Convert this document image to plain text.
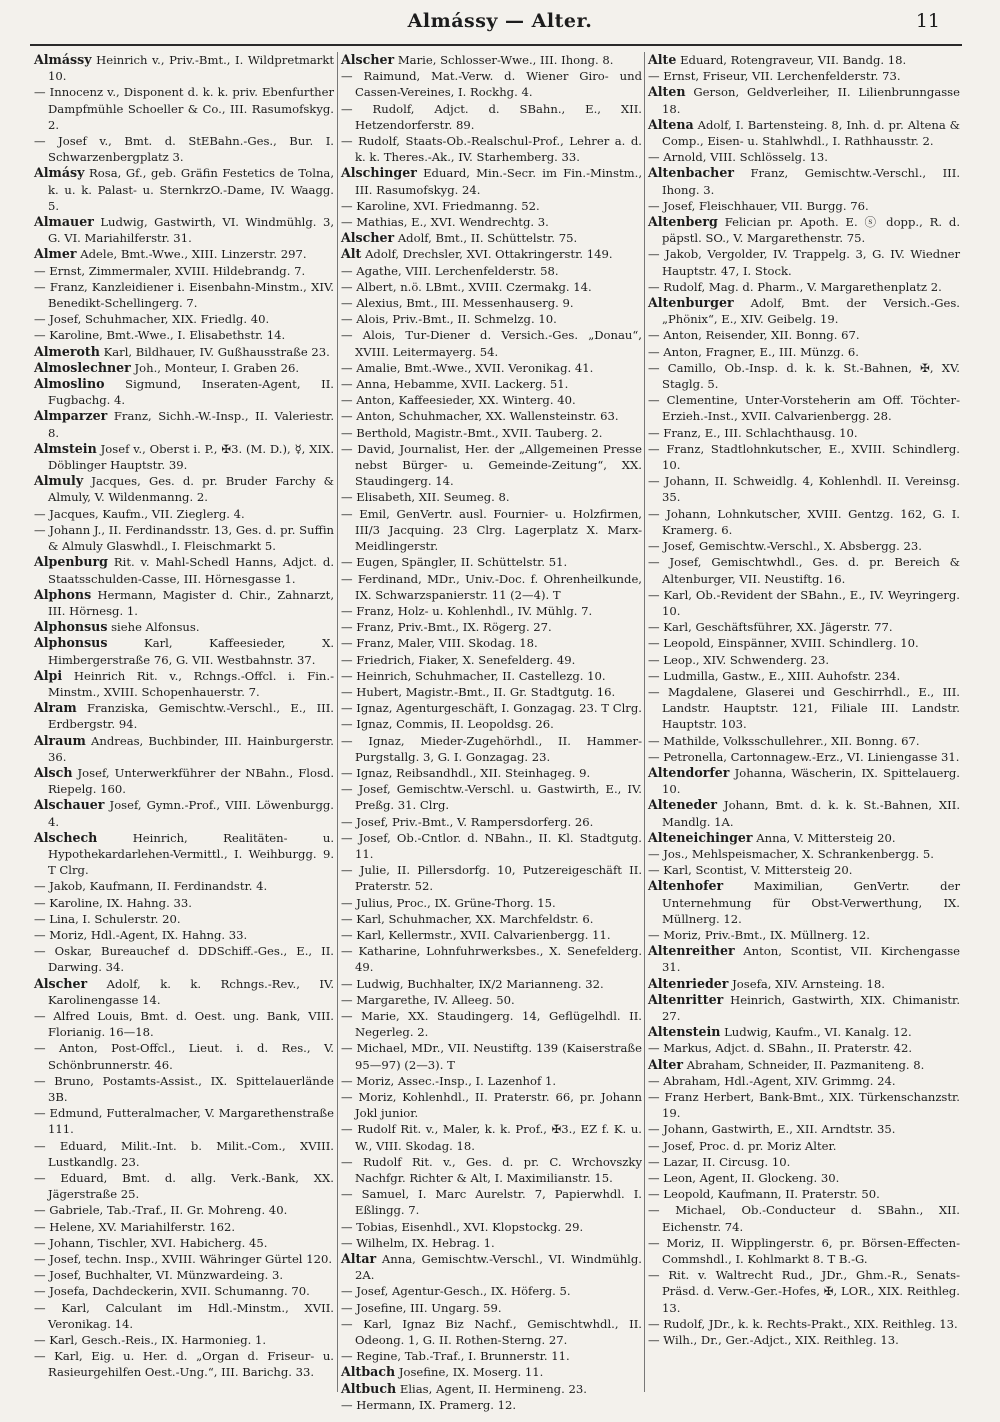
Almássy — Alter.	11

Almássy Heinrich v., Priv.-Bmt., I. Wildpretmarkt 10.

— Innocenz v., Disponent d. k. k. priv. Ebenfurther Dampfmühle Schoeller & Co., III. Rasumofskyg. 2.

— Josef v., Bmt. d. StEBahn.-Ges., Bur. I. Schwarzenbergplatz 3.

Almásy Rosa, Gf., geb. Gräfin Festetics de Tolna, k. u. k. Palast- u. SternkrzO.-Dame, IV. Waagg. 5.

Almauer Ludwig, Gastwirth, VI. Windmühlg. 3, G. VI. Mariahilferstr. 31.

Almer Adele, Bmt.-Wwe., XIII. Linzerstr. 297.

— Ernst, Zimmermaler, XVIII. Hildebrandg. 7.

— Franz, Kanzleidiener i. Eisenbahn-Minstm., XIV. Benedikt-Schellingerg. 7.

— Josef, Schuhmacher, XIX. Friedlg. 40.

— Karoline, Bmt.-Wwe., I. Elisabethstr. 14.

Almeroth Karl, Bildhauer, IV. Gußhausstraße 23.

Almoslechner Joh., Monteur, I. Graben 26.

Almoslino Sigmund, Inseraten-Agent, II. Fugbachg. 4.

Almparzer Franz, Sichh.-W.-Insp., II. Valeriestr. 8.

Almstein Josef v., Oberst i. P., ✠3. (M. D.), ☿, XIX. Döblinger Hauptstr. 39.

Almuly Jacques, Ges. d. pr. Bruder Farchy & Almuly, V. Wildenmanng. 2.

— Jacques, Kaufm., VII. Zieglerg. 4.

— Johann J., II. Ferdinandsstr. 13, Ges. d. pr. Suffin & Almuly Glaswhdl., I. Fleischmarkt 5.

Alpenburg Rit. v. Mahl-Schedl Hanns, Adjct. d. Staatsschulden-Casse, III. Hörnesgasse 1.

Alphons Hermann, Magister d. Chir., Zahnarzt, III. Hörnesg. 1.

Alphonsus siehe Alfonsus.

Alphonsus	Karl, Kaffeesieder, X. Himbergerstraße 76, G. VII. Westbahnstr. 37.

Alpi Heinrich Rit. v., Rchngs.-Offcl. i. Fin.-Minstm., XVIII. Schopenhauerstr. 7.

Alram Franziska, Gemischtw.-Verschl., E., III. Erdbergstr. 94.

Alraum Andreas, Buchbinder, III. Hainburgerstr. 36.

Alsch Josef, Unterwerkführer der NBahn., Flosd. Riepelg. 160.

Alschauer Josef, Gymn.-Prof., VIII. Löwenburgg. 4.

Alschech	Heinrich, Realitäten- u. Hypothekardarlehen-Vermittl., I. Weihburgg. 9. T Clrg.

— Jakob, Kaufmann, II. Ferdinandstr. 4.

— Karoline, IX. Hahng. 33.

— Lina, I. Schulerstr. 20.

— Moriz, Hdl.-Agent, IX. Hahng. 33.

— Oskar, Bureauchef d. DDSchiff.-Ges., E., II. Darwing. 34.

Alscher Adolf, k. k. Rchngs.-Rev., IV. Karolinengasse 14.

— Alfred Louis, Bmt. d. Oest. ung. Bank, VIII. Florianig. 16—18.

— Anton, Post-Offcl., Lieut. i. d. Res., V. Schönbrunnerstr. 46.

— Bruno, Postamts-Assist., IX. Spittelauerlände 3B.

— Edmund, Futteralmacher, V. Margarethenstraße 111.

— Eduard, Milit.-Int. b. Milit.-Com., XVIII. Lustkandlg. 23.

— Eduard, Bmt. d. allg. Verk.-Bank, XX. Jägerstraße 25.

— Gabriele, Tab.-Traf., II. Gr. Mohreng. 40.

— Helene, XV. Mariahilferstr. 162.

— Johann, Tischler, XVI. Habicherg. 45.

— Josef, techn. Insp., XVIII. Währinger Gürtel 120.

— Josef, Buchhalter, VI. Münzwardeing. 3.

— Josefa, Dachdeckerin, XVII. Schumanng. 70.

— Karl, Calculant im Hdl.-Minstm., XVII. Veronikag. 14.

— Karl, Gesch.-Reis., IX. Harmonieg. 1.

— Karl, Eig. u. Her. d. „Organ d. Friseur- u. Rasieurgehilfen Oest.-Ung.“, III. Barichg. 33.

Alscher Marie, Schlosser-Wwe., III. Ihong. 8.

— Raimund, Mat.-Verw. d. Wiener Giro- und Cassen-Vereines, I. Rockhg. 4.

— Rudolf, Adjct. d. SBahn., E., XII. Hetzendorferstr. 89.

— Rudolf, Staats-Ob.-Realschul-Prof., Lehrer a. d. k. k. Theres.-Ak., IV. Starhemberg. 33.

Alschinger Eduard, Min.-Secr. im Fin.-Minstm., III. Rasumofskyg. 24.

— Karoline, XVI. Friedmanng. 52.

— Mathias, E., XVI. Wendrechtg. 3.

Alscher Adolf, Bmt., II. Schüttelstr. 75.

Alt Adolf, Drechsler, XVI. Ottakringerstr. 149.

— Agathe, VIII. Lerchenfelderstr. 58.

— Albert, n.ö. LBmt., XVIII. Czermakg. 14.

— Alexius, Bmt., III. Messenhauserg. 9.

— Alois, Priv.-Bmt., II. Schmelzg. 10.

— Alois, Tur-Diener d. Versich.-Ges. „Donau“, XVIII. Leitermayerg. 54.

— Amalie, Bmt.-Wwe., XVII. Veronikag. 41.

— Anna, Hebamme, XVII. Lackerg. 51.

— Anton, Kaffeesieder, XX. Winterg. 40.

— Anton, Schuhmacher, XX. Wallensteinstr. 63.

— Berthold, Magistr.-Bmt., XVII. Tauberg. 2.

— David, Journalist, Her. der „Allgemeinen Presse nebst Bürger- u. Gemeinde-Zeitung“, XX. Staudingerg. 14.

— Elisabeth, XII. Seumeg. 8.

— Emil, GenVertr. ausl. Fournier- u. Holzfirmen, III/3 Jacquing. 23 Clrg. Lagerplatz X. Marx-Meidlingerstr.

— Eugen, Spängler, II. Schüttelstr. 51.

— Ferdinand, MDr., Univ.-Doc. f. Ohrenheilkunde, IX. Schwarzspanierstr. 11 (2—4). T

— Franz, Holz- u. Kohlenhdl., IV. Mühlg. 7.

— Franz, Priv.-Bmt., IX. Rögerg. 27.

— Franz, Maler, VIII. Skodag. 18.

— Friedrich, Fiaker, X. Senefelderg. 49.

— Heinrich, Schuhmacher, II. Castellezg. 10.

— Hubert, Magistr.-Bmt., II. Gr. Stadtgutg. 16.

— Ignaz, Agenturgeschäft, I. Gonzagag. 23. T Clrg.

— Ignaz, Commis, II. Leopoldsg. 26.

— Ignaz, Mieder-Zugehörhdl., II. Hammer-Purgstallg. 3, G. I. Gonzagag. 23.

— Ignaz, Reibsandhdl., XII. Steinhageg. 9.

— Josef, Gemischtw.-Verschl. u. Gastwirth, E., IV. Preßg. 31. Clrg.

— Josef, Priv.-Bmt., V. Rampersdorferg. 26.

— Josef, Ob.-Cntlor. d. NBahn., II. Kl. Stadtgutg. 11.

— Julie, II. Pillersdorfg. 10, Putzereigeschäft II. Praterstr. 52.

— Julius, Proc., IX. Grüne-Thorg. 15.

— Karl, Schuhmacher, XX. Marchfeldstr. 6.

— Karl, Kellermstr., XVII. Calvarienbergg. 11.

— Katharine, Lohnfuhrwerksbes., X. Senefelderg. 49.

— Ludwig, Buchhalter, IX/2 Marianneng. 32.

— Margarethe, IV. Alleeg. 50.

— Marie, XX. Staudingerg. 14, Geflügelhdl. II. Negerleg. 2.

— Michael, MDr., VII. Neustiftg. 139 (Kaiserstraße 95—97) (2—3). T

— Moriz, Assec.-Insp., I. Lazenhof 1.

— Moriz, Kohlenhdl., II. Praterstr. 66, pr. Johann Jokl junior.

— Rudolf Rit. v., Maler, k. k. Prof., ✠3., EZ f. K. u. W., VIII. Skodag. 18.

— Rudolf Rit. v., Ges. d. pr. C. Wrchovszky Nachfgr. Richter & Alt, I. Maximilianstr. 15.

— Samuel, I. Marc Aurelstr. 7, Papierwhdl. I. Eßlingg. 7.

— Tobias, Eisenhdl., XVI. Klopstockg. 29.

— Wilhelm, IX. Hebrag. 1.

Altar Anna, Gemischtw.-Verschl., VI. Windmühlg. 2A.

— Josef, Agentur-Gesch., IX. Höferg. 5.

— Josefine, III. Ungarg. 59.

— Karl, Ignaz Biz Nachf., Gemischtwhdl., II. Odeong. 1, G. II. Rothen-Sterng. 27.

— Regine, Tab.-Traf., I. Brunnerstr. 11.

Altbach Josefine, IX. Moserg. 11.

Altbuch Elias, Agent, II. Hermineng. 23.

— Hermann, IX. Pramerg. 12.

Alte Eduard, Rotengraveur, VII. Bandg. 18.

— Ernst, Friseur, VII. Lerchenfelderstr. 73.

Alten Gerson, Geldverleiher, II. Lilienbrunngasse 18.

Altena Adolf, I. Bartensteing. 8, Inh. d. pr. Altena & Comp., Eisen- u. Stahlwhdl., I. Rathhausstr. 2.

— Arnold, VIII. Schlösselg. 13.

Altenbacher Franz, Gemischtw.-Verschl., III. Ihong. 3.

— Josef, Fleischhauer, VII. Burgg. 76.

Altenberg Felician pr. Apoth. E. ⓢ dopp., R. d. päpstl. SO., V. Margarethenstr. 75.

— Jakob, Vergolder, IV. Trappelg. 3, G. IV. Wiedner Hauptstr. 47, I. Stock.

— Rudolf, Mag. d. Pharm., V. Margarethenplatz 2.

Altenburger Adolf, Bmt. der Versich.-Ges. „Phönix“, E., XIV. Geibelg. 19.

— Anton, Reisender, XII. Bonng. 67.

— Anton, Fragner, E., III. Münzg. 6.

— Camillo, Ob.-Insp. d. k. k. St.-Bahnen, ✠, XV. Staglg. 5.

— Clementine, Unter-Vorsteherin am Off. Töchter-Erzieh.-Inst., XVII. Calvarienbergg. 28.

— Franz, E., III. Schlachthausg. 10.

— Franz, Stadtlohnkutscher, E., XVIII. Schindlerg. 10.

— Johann, II. Schweidlg. 4, Kohlenhdl. II. Vereinsg. 35.

— Johann, Lohnkutscher, XVIII. Gentzg. 162, G. I. Kramerg. 6.

— Josef, Gemischtw.-Verschl., X. Absbergg. 23.

— Josef, Gemischtwhdl., Ges. d. pr. Bereich & Altenburger, VII. Neustiftg. 16.

— Karl, Ob.-Revident der SBahn., E., IV. Weyringerg. 10.

— Karl, Geschäftsführer, XX. Jägerstr. 77.

— Leopold, Einspänner, XVIII. Schindlerg. 10.

— Leop., XIV. Schwenderg. 23.

— Ludmilla, Gastw., E., XIII. Auhofstr. 234.

— Magdalene, Glaserei und Geschirrhdl., E., III. Landstr. Hauptstr. 121, Filiale III. Landstr. Hauptstr. 103.

— Mathilde, Volksschullehrer., XII. Bonng. 67.

— Petronella, Cartonnagew.-Erz., VI. Liniengasse 31.

Altendorfer Johanna, Wäscherin, IX. Spittelauerg. 10.

Alteneder Johann, Bmt. d. k. k. St.-Bahnen, XII. Mandlg. 1A.

Alteneichinger Anna, V. Mittersteig 20.

— Jos., Mehlspeismacher, X. Schrankenbergg. 5.

— Karl, Scontist, V. Mittersteig 20.

Altenhofer	Maximilian, GenVertr. der Unternehmung für Obst-Verwerthung, IX. Müllnerg. 12.

— Moriz, Priv.-Bmt., IX. Müllnerg. 12.

Altenreither Anton, Scontist, VII. Kirchengasse 31.

Altenrieder Josefa, XIV. Arnsteing. 18.

Altenritter Heinrich, Gastwirth, XIX. Chimanistr. 27.

Altenstein Ludwig, Kaufm., VI. Kanalg. 12.

— Markus, Adjct. d. SBahn., II. Praterstr. 42.

Alter Abraham, Schneider, II. Pazmaniteng. 8.

— Abraham, Hdl.-Agent, XIV. Grimmg. 24.

— Franz Herbert, Bank-Bmt., XIX. Türkenschanzstr. 19.

— Johann, Gastwirth, E., XII. Arndtstr. 35.

— Josef, Proc. d. pr. Moriz Alter.

— Lazar, II. Circusg. 10.

— Leon, Agent, II. Glockeng. 30.

— Leopold, Kaufmann, II. Praterstr. 50.

— Michael, Ob.-Conducteur d. SBahn., XII. Eichenstr. 74.

— Moriz, II. Wipplingerstr. 6, pr. Börsen-Effecten-Commshdl., I. Kohlmarkt 8. T B.-G.

— Rit. v. Waltrecht Rud., JDr., Ghm.-R., Senats-Präsd. d. Verw.-Ger.-Hofes, ✠, LOR., XIX. Reithleg. 13.

— Rudolf, JDr., k. k. Rechts-Prakt., XIX. Reithleg. 13.

— Wilh., Dr., Ger.-Adjct., XIX. Reithleg. 13.
